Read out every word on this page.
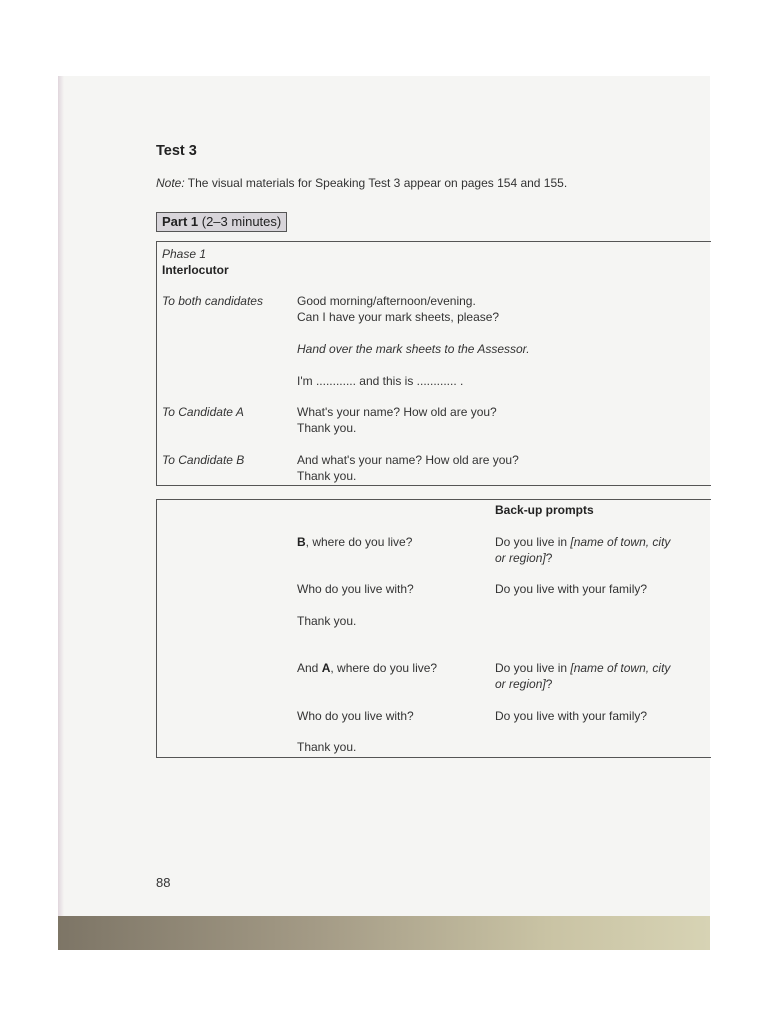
Test 3
Note: The visual materials for Speaking Test 3 appear on pages 154 and 155.
Part 1 (2–3 minutes)
Phase 1
Interlocutor
To both candidates	Good morning/afternoon/evening.
Can I have your mark sheets, please?
Hand over the mark sheets to the Assessor.
I'm ............ and this is ............ .
To Candidate A	What's your name? How old are you?
Thank you.
To Candidate B	And what's your name? How old are you?
Thank you.
Back-up prompts
B, where do you live?	Do you live in [name of town, city
or region]?
Who do you live with?	Do you live with your family?
Thank you.
And A, where do you live?	Do you live in [name of town, city
or region]?
Who do you live with?	Do you live with your family?
Thank you.
88
